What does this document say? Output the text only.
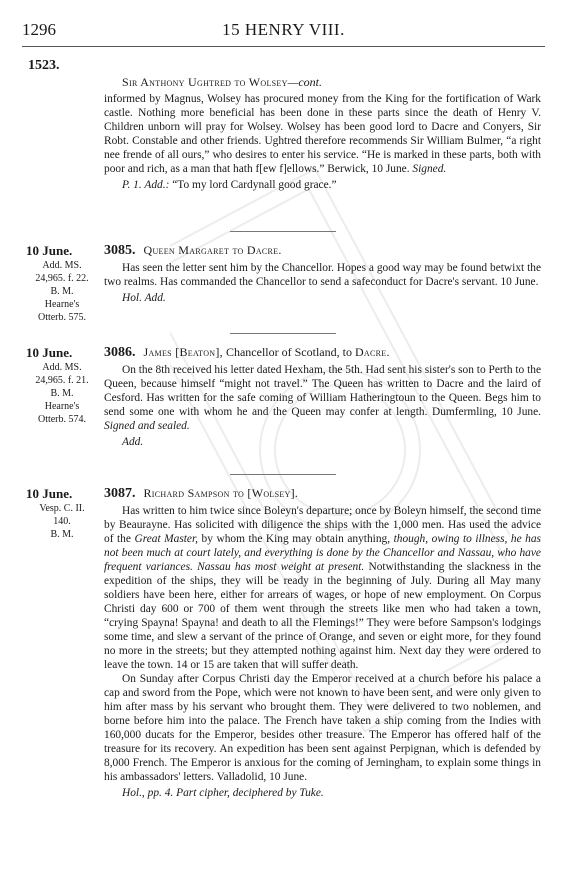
1296	15 HENRY VIII.
1523.
Sir Anthony Ughtred to Wolsey—cont.

informed by Magnus, Wolsey has procured money from the King for the fortification of Wark castle. Nothing more beneficial has been done in these parts since the death of Henry V. Children unborn will pray for Wolsey. Wolsey has been good lord to Dacre and Conyers, Sir Robt. Constable and other friends. Ughtred therefore recommends Sir William Bulmer, “a right nee frende of all ours,” who desires to enter his service. “He is marked in these parts, both with poor and rich, as a man that hath f[ew f]ellows.” Berwick, 10 June. Signed.

P. 1. Add.: “To my lord Cardynall good grace.”

10 June.
Add. MS.
24,965. f. 22.
B. M.
Hearne's
Otterb. 575.
3085. Queen Margaret to Dacre.

Has seen the letter sent him by the Chancellor. Hopes a good way may be found betwixt the two realms. Has commanded the Chancellor to send a safeconduct for Dacre's servant. 10 June.

Hol. Add.

10 June.
Add. MS.
24,965. f. 21.
B. M.
Hearne's
Otterb. 574.
3086. James [Beaton], Chancellor of Scotland, to Dacre.

On the 8th received his letter dated Hexham, the 5th. Had sent his sister's son to Perth to the Queen, because himself “might not travel.” The Queen has written to Dacre and the laird of Cesford. Has written for the safe coming of William Hatheringtoun to the Queen. Begs him to send some one with whom he and the Queen may confer at length. Dumfermling, 10 June. Signed and sealed.

Add.

10 June.
Vesp. C. II.
140.
B. M.
3087. Richard Sampson to [Wolsey].

Has written to him twice since Boleyn's departure; once by Boleyn himself, the second time by Beaurayne. Has solicited with diligence the ships with the 1,000 men. Has used the advice of the Great Master, by whom the King may obtain anything, though, owing to illness, he has not been much at court lately, and everything is done by the Chancellor and Nassau, who have frequent variances. Nassau has most weight at present. Notwithstanding the slackness in the expedition of the ships, they will be ready in the beginning of July. During all May many soldiers have been here, either for arrears of wages, or hope of new employment. On Corpus Christi day 600 or 700 of them went through the streets like men who had taken a town, “crying Spayna! Spayna! and death to all the Flemings!” They were before Sampson's lodgings some time, and slew a servant of the prince of Orange, and seven or eight more, for they found no more in the streets; but they attempted nothing against him. Next day they were ordered to leave the town. 14 or 15 are taken that will suffer death.

On Sunday after Corpus Christi day the Emperor received at a church before his palace a cap and sword from the Pope, which were not known to have been sent, and were only given to him after mass by his servant who brought them. They were delivered to two noblemen, and borne before him into the palace. The French have taken a ship coming from the Indies with 160,000 ducats for the Emperor, besides other treasure. The Emperor has offered half of the treasure for its recovery. An expedition has been sent against Perpignan, which is defended by 8,000 French. The Emperor is anxious for the coming of Jerningham, to explain some things in his ambassadors' letters. Valladolid, 10 June.

Hol., pp. 4. Part cipher, deciphered by Tuke.
